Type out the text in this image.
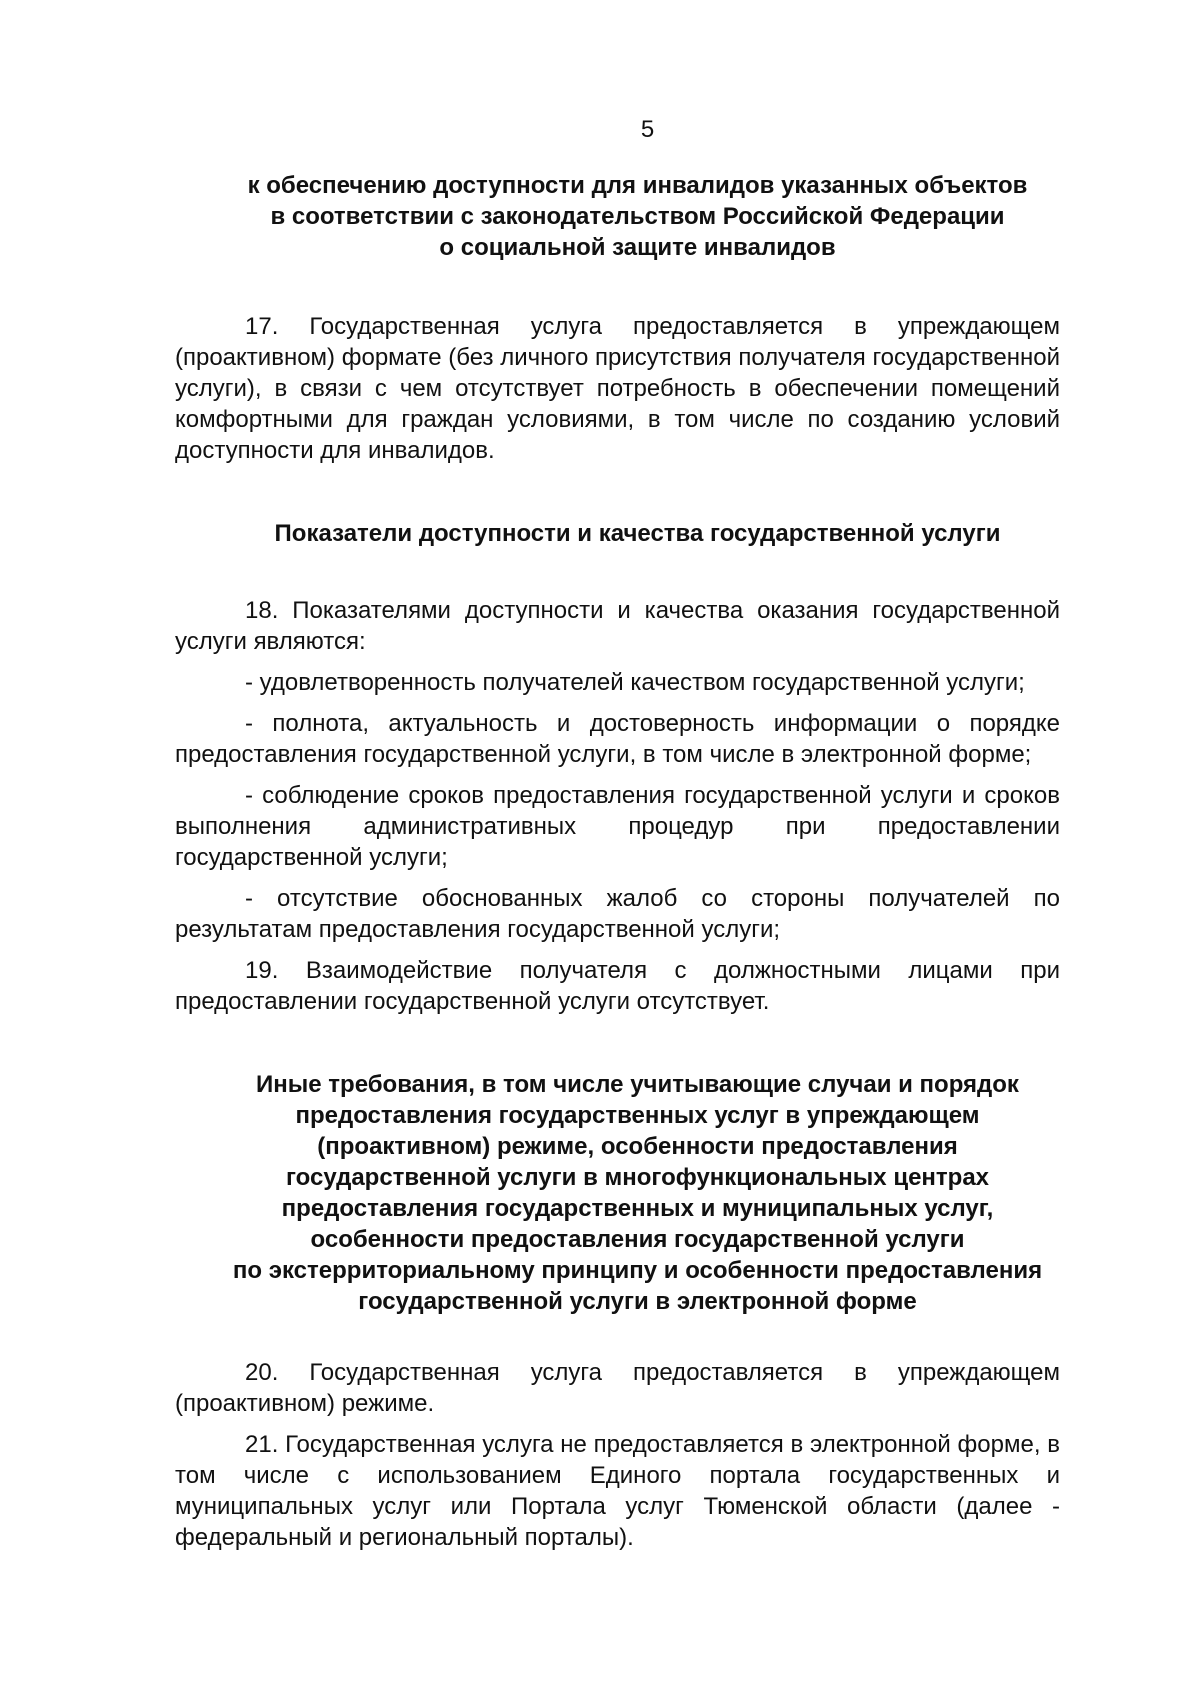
5
к обеспечению доступности для инвалидов указанных объектов
в соответствии с законодательством Российской Федерации
о социальной защите инвалидов

17. Государственная услуга предоставляется в упреждающем (проактивном) формате (без личного присутствия получателя государственной услуги), в связи с чем отсутствует потребность в обеспечении помещений комфортными для граждан условиями, в том числе по созданию условий доступности для инвалидов.

Показатели доступности и качества государственной услуги

18. Показателями доступности и качества оказания государственной услуги являются:

- удовлетворенность получателей качеством государственной услуги;

- полнота, актуальность и достоверность информации о порядке предоставления государственной услуги, в том числе в электронной форме;

- соблюдение сроков предоставления государственной услуги и сроков выполнения административных процедур при предоставлении государственной услуги;

- отсутствие обоснованных жалоб со стороны получателей по результатам предоставления государственной услуги;

19. Взаимодействие получателя с должностными лицами при предоставлении государственной услуги отсутствует.

Иные требования, в том числе учитывающие случаи и порядок
предоставления государственных услуг в упреждающем
(проактивном) режиме, особенности предоставления
государственной услуги в многофункциональных центрах
предоставления государственных и муниципальных услуг,
особенности предоставления государственной услуги
по экстерриториальному принципу и особенности предоставления
государственной услуги в электронной форме

20. Государственная услуга предоставляется в упреждающем (проактивном) режиме.

21. Государственная услуга не предоставляется в электронной форме, в том числе с использованием Единого портала государственных и муниципальных услуг или Портала услуг Тюменской области (далее - федеральный и региональный порталы).
